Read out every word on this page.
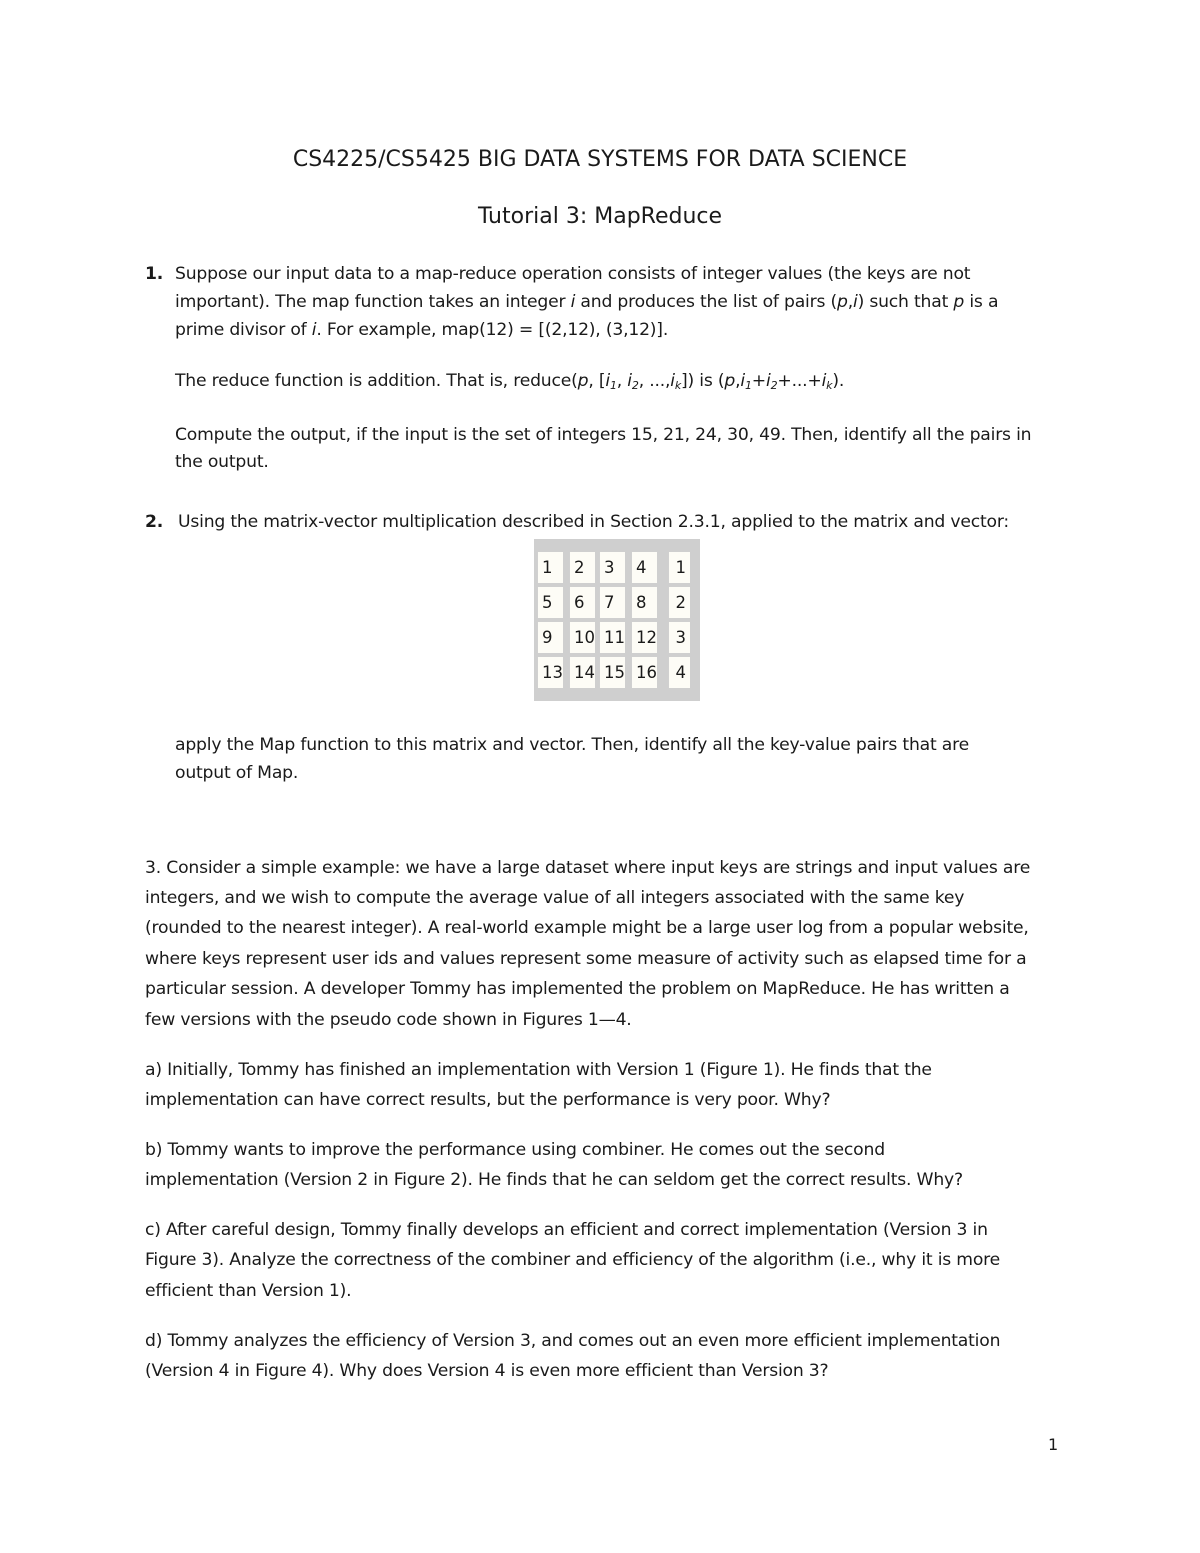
CS4225/CS5425 BIG DATA SYSTEMS FOR DATA SCIENCE
Tutorial 3: MapReduce
1. Suppose our input data to a map-reduce operation consists of integer values (the keys are not
important). The map function takes an integer i and produces the list of pairs (p,i) such that p is a
prime divisor of i. For example, map(12) = [(2,12), (3,12)].
The reduce function is addition. That is, reduce(p, [$i_1$, $i_2$, $...,i_k$]) is $(p,i_1+i_2+...+i_k)$.
Compute the output, if the input is the set of integers 15, 21, 24, 30, 49. Then, identify all the pairs in
the output.
2. Using the matrix-vector multiplication described in Section 2.3.1, applied to the matrix and vector:
1	2	3	4	1
5	6	7	8	2
9	10 11 12	3
13 14 15 16	4
apply the Map function to this matrix and vector. Then, identify all the key-value pairs that are
output of Map.
3. Consider a simple example: we have a large dataset where input keys are strings and input values are
integers, and we wish to compute the average value of all integers associated with the same key
(rounded to the nearest integer). A real-world example might be a large user log from a popular website,
where keys represent user ids and values represent some measure of activity such as elapsed time for a
particular session. A developer Tommy has implemented the problem on MapReduce. He has written a
few versions with the pseudo code shown in Figures 1—4.
a) Initially, Tommy has finished an implementation with Version 1 (Figure 1). He finds that the
implementation can have correct results, but the performance is very poor. Why?
b) Tommy wants to improve the performance using combiner. He comes out the second
implementation (Version 2 in Figure 2). He finds that he can seldom get the correct results. Why?
c) After careful design, Tommy finally develops an efficient and correct implementation (Version 3 in
Figure 3). Analyze the correctness of the combiner and efficiency of the algorithm (i.e., why it is more
efficient than Version 1).
d) Tommy analyzes the efficiency of Version 3, and comes out an even more efficient implementation
(Version 4 in Figure 4). Why does Version 4 is even more efficient than Version 3?
1
